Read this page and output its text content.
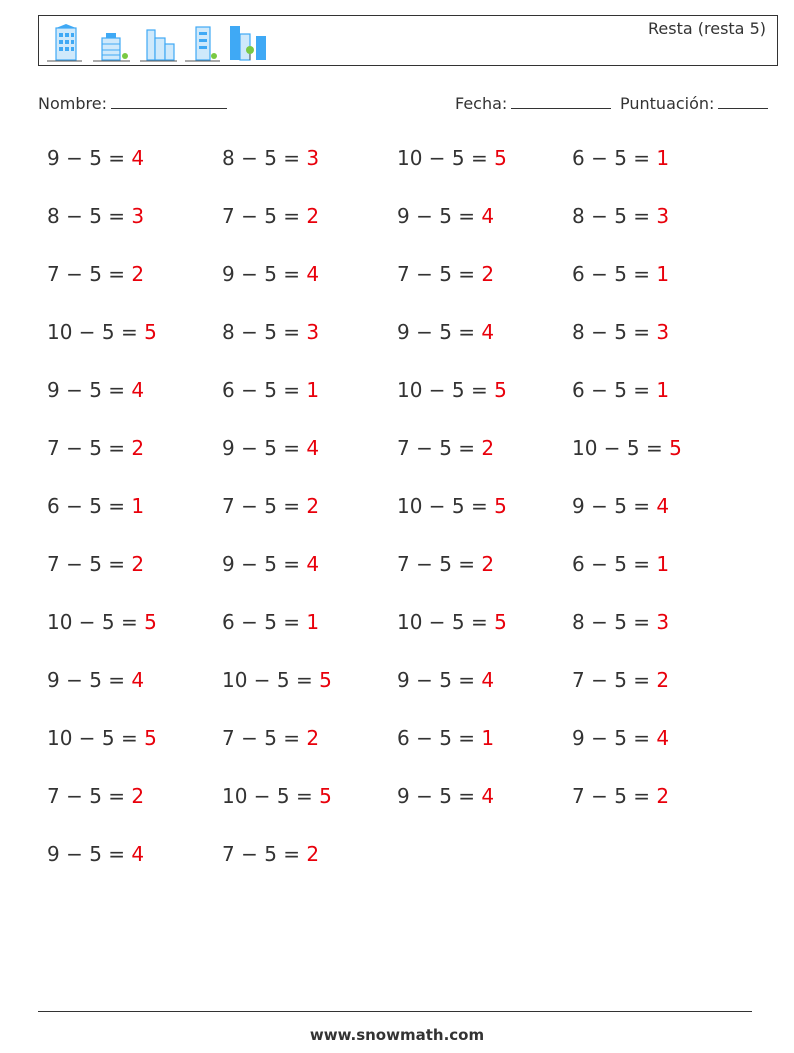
Resta (resta 5)
Nombre:	Fecha:	Puntuación:
9 − 5 = 4	8 − 5 = 3	10 − 5 = 5	6 − 5 = 1
8 − 5 = 3	7 − 5 = 2	9 − 5 = 4	8 − 5 = 3
7 − 5 = 2	9 − 5 = 4	7 − 5 = 2	6 − 5 = 1
10 − 5 = 5	8 − 5 = 3	9 − 5 = 4	8 − 5 = 3
9 − 5 = 4	6 − 5 = 1	10 − 5 = 5	6 − 5 = 1
7 − 5 = 2	9 − 5 = 4	7 − 5 = 2	10 − 5 = 5
6 − 5 = 1	7 − 5 = 2	10 − 5 = 5	9 − 5 = 4
7 − 5 = 2	9 − 5 = 4	7 − 5 = 2	6 − 5 = 1
10 − 5 = 5	6 − 5 = 1	10 − 5 = 5	8 − 5 = 3
9 − 5 = 4	10 − 5 = 5	9 − 5 = 4	7 − 5 = 2
10 − 5 = 5	7 − 5 = 2	6 − 5 = 1	9 − 5 = 4
7 − 5 = 2	10 − 5 = 5	9 − 5 = 4	7 − 5 = 2
9 − 5 = 4	7 − 5 = 2
www.snowmath.com
